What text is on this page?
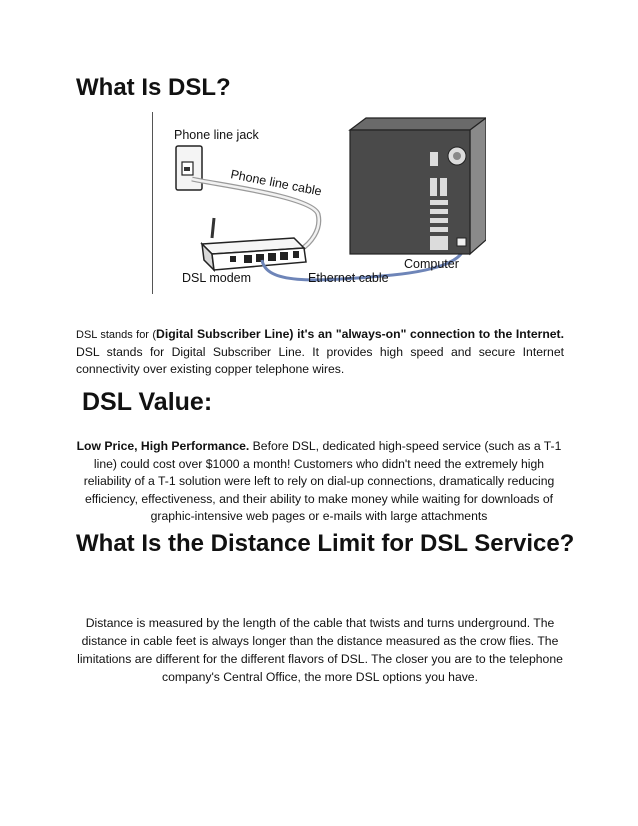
What Is DSL?
Phone line jack
Phone line cable
DSL modem	Ethernet cable
Computer

DSL stands for (Digital Subscriber Line) it's an "always-on" connection to the Internet. DSL stands for Digital Subscriber Line. It provides high speed and secure Internet connectivity over existing copper telephone wires.

DSL Value:

Low Price, High Performance. Before DSL, dedicated high-speed service (such as a T-1 line) could cost over $1000 a month! Customers who didn't need the extremely high reliability of a T-1 solution were left to rely on dial-up connections, dramatically reducing efficiency, effectiveness, and their ability to make money while waiting for downloads of graphic-intensive web pages or e-mails with large attachments

What Is the Distance Limit for DSL Service?

Distance is measured by the length of the cable that twists and turns underground. The distance in cable feet is always longer than the distance measured as the crow flies. The limitations are different for the different flavors of DSL. The closer you are to the telephone company's Central Office, the more DSL options you have.
